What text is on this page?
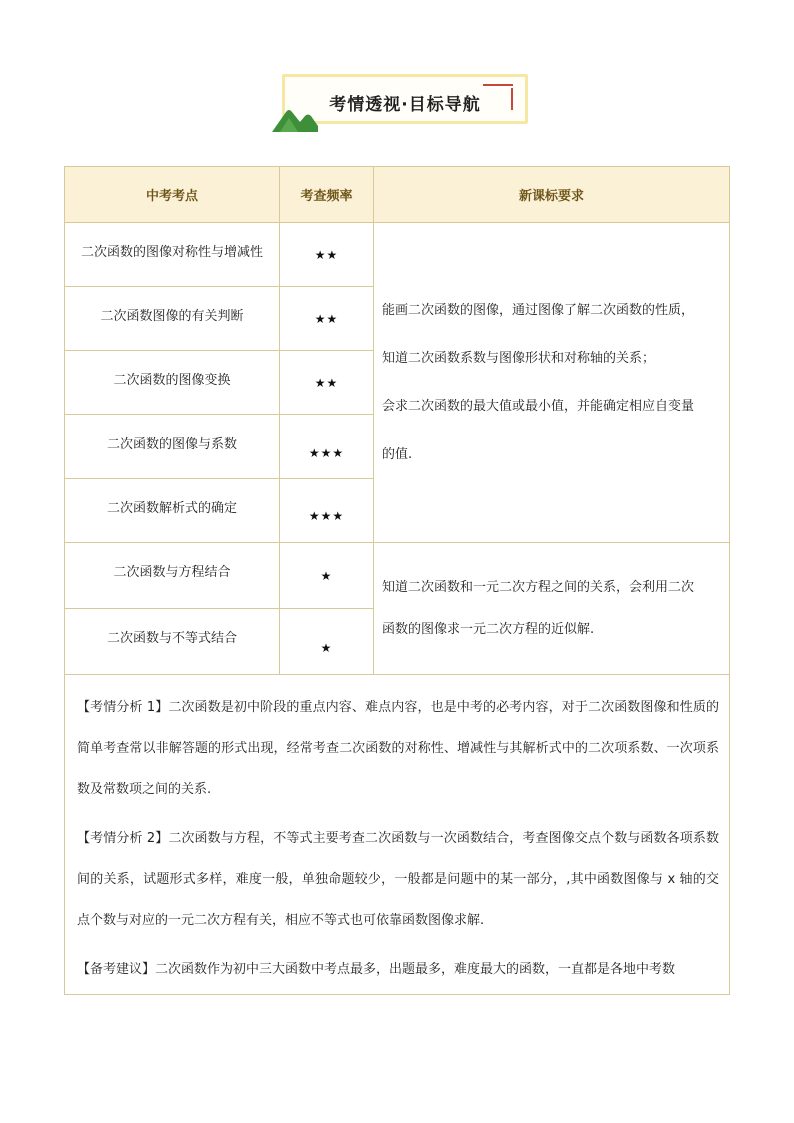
考情透视·目标导航
中考考点	考查频率	新课标要求
二次函数的图像对称性与增减性	★★	能画二次函数的图像，通过图像了解二次函数的性质，
知道二次函数系数与图像形状和对称轴的关系；
会求二次函数的最大值或最小值，并能确定相应自变量
的值.

二次函数图像的有关判断	★★	
二次函数的图像变换	★★	
二次函数的图像与系数	★★★	
二次函数解析式的确定	★★★	
二次函数与方程结合	★	知道二次函数和一元二次方程之间的关系，会利用二次
函数的图像求一元二次方程的近似解.

二次函数与不等式结合	★	

【考情分析 1】二次函数是初中阶段的重点内容、难点内容，也是中考的必考内容，对于二次函数图像和性质的简单考查常以非解答题的形式出现，经常考查二次函数的对称性、增减性与其解析式中的二次项系数、一次项系数及常数项之间的关系.

【考情分析 2】二次函数与方程，不等式主要考查二次函数与一次函数结合，考查图像交点个数与函数各项系数间的关系，试题形式多样，难度一般，单独命题较少，一般都是问题中的某一部分，,其中函数图像与 x 轴的交点个数与对应的一元二次方程有关，相应不等式也可依靠函数图像求解.

【备考建议】二次函数作为初中三大函数中考点最多，出题最多，难度最大的函数，一直都是各地中考数		
